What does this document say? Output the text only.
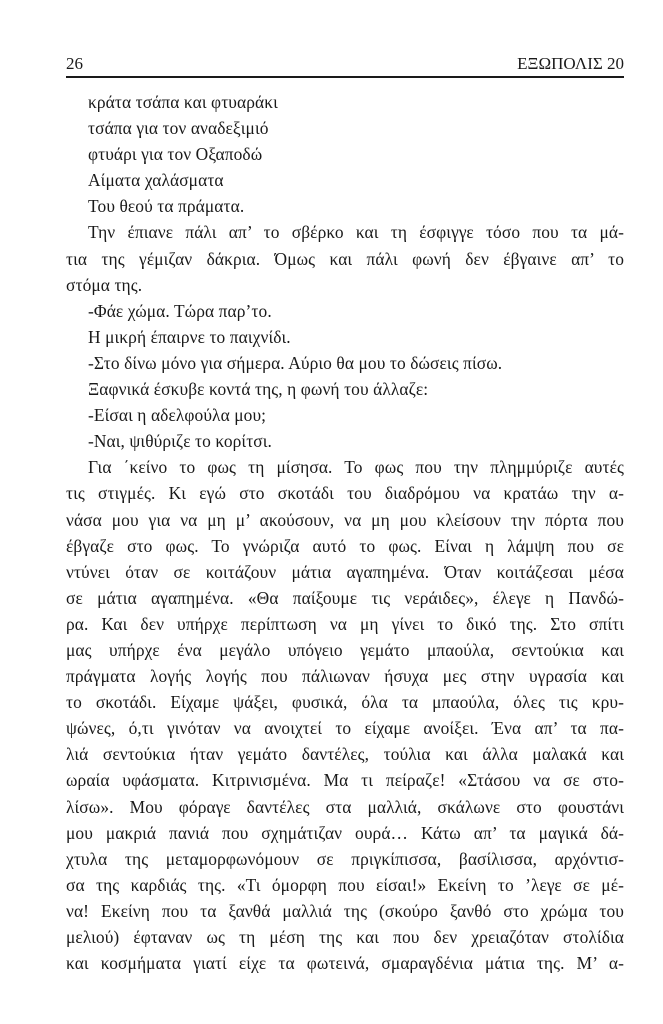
26	ΕΞΩΠΟΛΙΣ 20
κράτα τσάπα και φτυαράκι
τσάπα για τον αναδεξιμιό
φτυάρι για τον Οξαποδώ
Αίματα χαλάσματα
Του θεού τα πράματα.
Την έπιανε πάλι απ’ το σβέρκο και τη έσφιγγε τόσο που τα μά-
τια της γέμιζαν δάκρια. Όμως και πάλι φωνή δεν έβγαινε απ’ το
στόμα της.
-Φάε χώμα. Τώρα παρ’το.
Η μικρή έπαιρνε το παιχνίδι.
-Στο δίνω μόνο για σήμερα. Αύριο θα μου το δώσεις πίσω.
Ξαφνικά έσκυβε κοντά της, η φωνή του άλλαζε:
-Είσαι η αδελφούλα μου;
-Ναι, ψιθύριζε το κορίτσι.
Για ΄κείνο το φως τη μίσησα. Το φως που την πλημμύριζε αυτές
τις στιγμές. Κι εγώ στο σκοτάδι του διαδρόμου να κρατάω την α-
νάσα μου για να μη μ’ ακούσουν, να μη μου κλείσουν την πόρτα που
έβγαζε στο φως. Το γνώριζα αυτό το φως. Είναι η λάμψη που σε
ντύνει όταν σε κοιτάζουν μάτια αγαπημένα. Όταν κοιτάζεσαι μέσα
σε μάτια αγαπημένα. «Θα παίξουμε τις νεράιδες», έλεγε η Πανδώ-
ρα. Και δεν υπήρχε περίπτωση να μη γίνει το δικό της. Στο σπίτι
μας υπήρχε ένα μεγάλο υπόγειο γεμάτο μπαούλα, σεντούκια και
πράγματα λογής λογής που πάλιωναν ήσυχα μες στην υγρασία και
το σκοτάδι. Είχαμε ψάξει, φυσικά, όλα τα μπαούλα, όλες τις κρυ-
ψώνες, ό,τι γινόταν να ανοιχτεί το είχαμε ανοίξει. Ένα απ’ τα πα-
λιά σεντούκια ήταν γεμάτο δαντέλες, τούλια και άλλα μαλακά και
ωραία υφάσματα. Κιτρινισμένα. Μα τι πείραζε! «Στάσου να σε στο-
λίσω». Μου φόραγε δαντέλες στα μαλλιά, σκάλωνε στο φουστάνι
μου μακριά πανιά που σχημάτιζαν ουρά… Κάτω απ’ τα μαγικά δά-
χτυλα της μεταμορφωνόμουν σε πριγκίπισσα, βασίλισσα, αρχόντισ-
σα της καρδιάς της. «Τι όμορφη που είσαι!» Εκείνη το ’λεγε σε μέ-
να! Εκείνη που τα ξανθά μαλλιά της (σκούρο ξανθό στο χρώμα του
μελιού) έφταναν ως τη μέση της και που δεν χρειαζόταν στολίδια
και κοσμήματα γιατί είχε τα φωτεινά, σμαραγδένια μάτια της. Μ’ α-
